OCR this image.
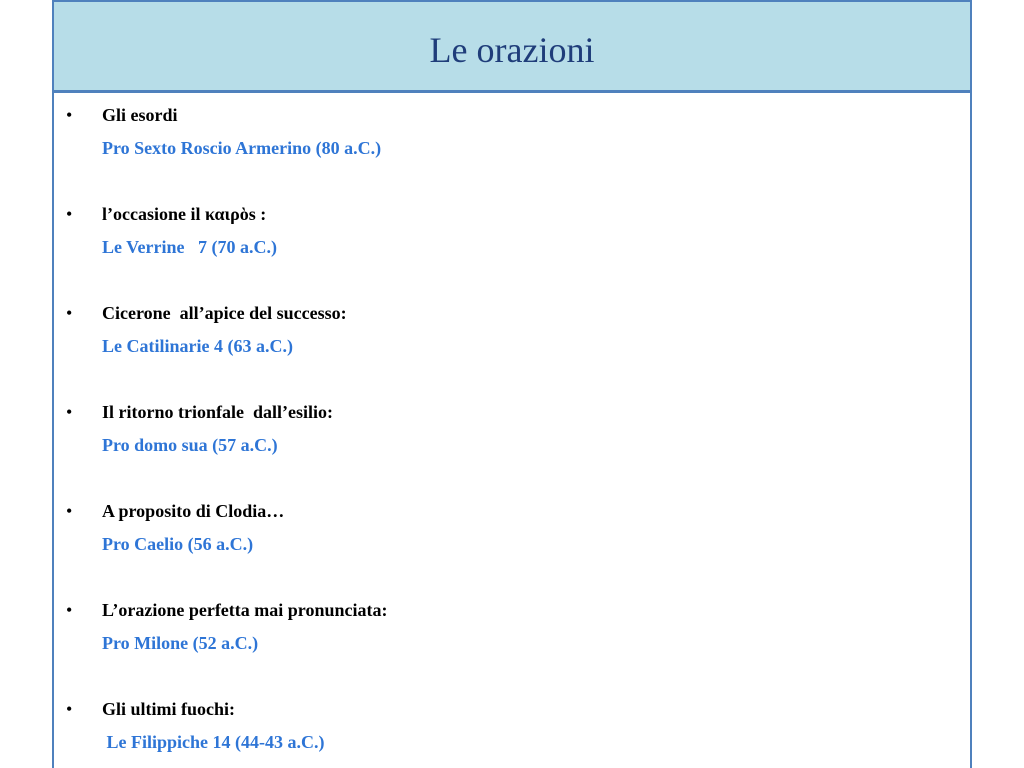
Le orazioni
• Gli esordi
Pro Sexto Roscio Armerino (80 a.C.)
• l’occasione il καιρὸs :
Le Verrine   7 (70 a.C.)
• Cicerone  all’apice del successo:
Le Catilinarie 4 (63 a.C.)
• Il ritorno trionfale  dall’esilio:
Pro domo sua (57 a.C.)
• A proposito di Clodia…
Pro Caelio (56 a.C.)
• L’orazione perfetta mai pronunciata:
Pro Milone (52 a.C.)
• Gli ultimi fuochi:
Le Filippiche 14 (44-43 a.C.)
